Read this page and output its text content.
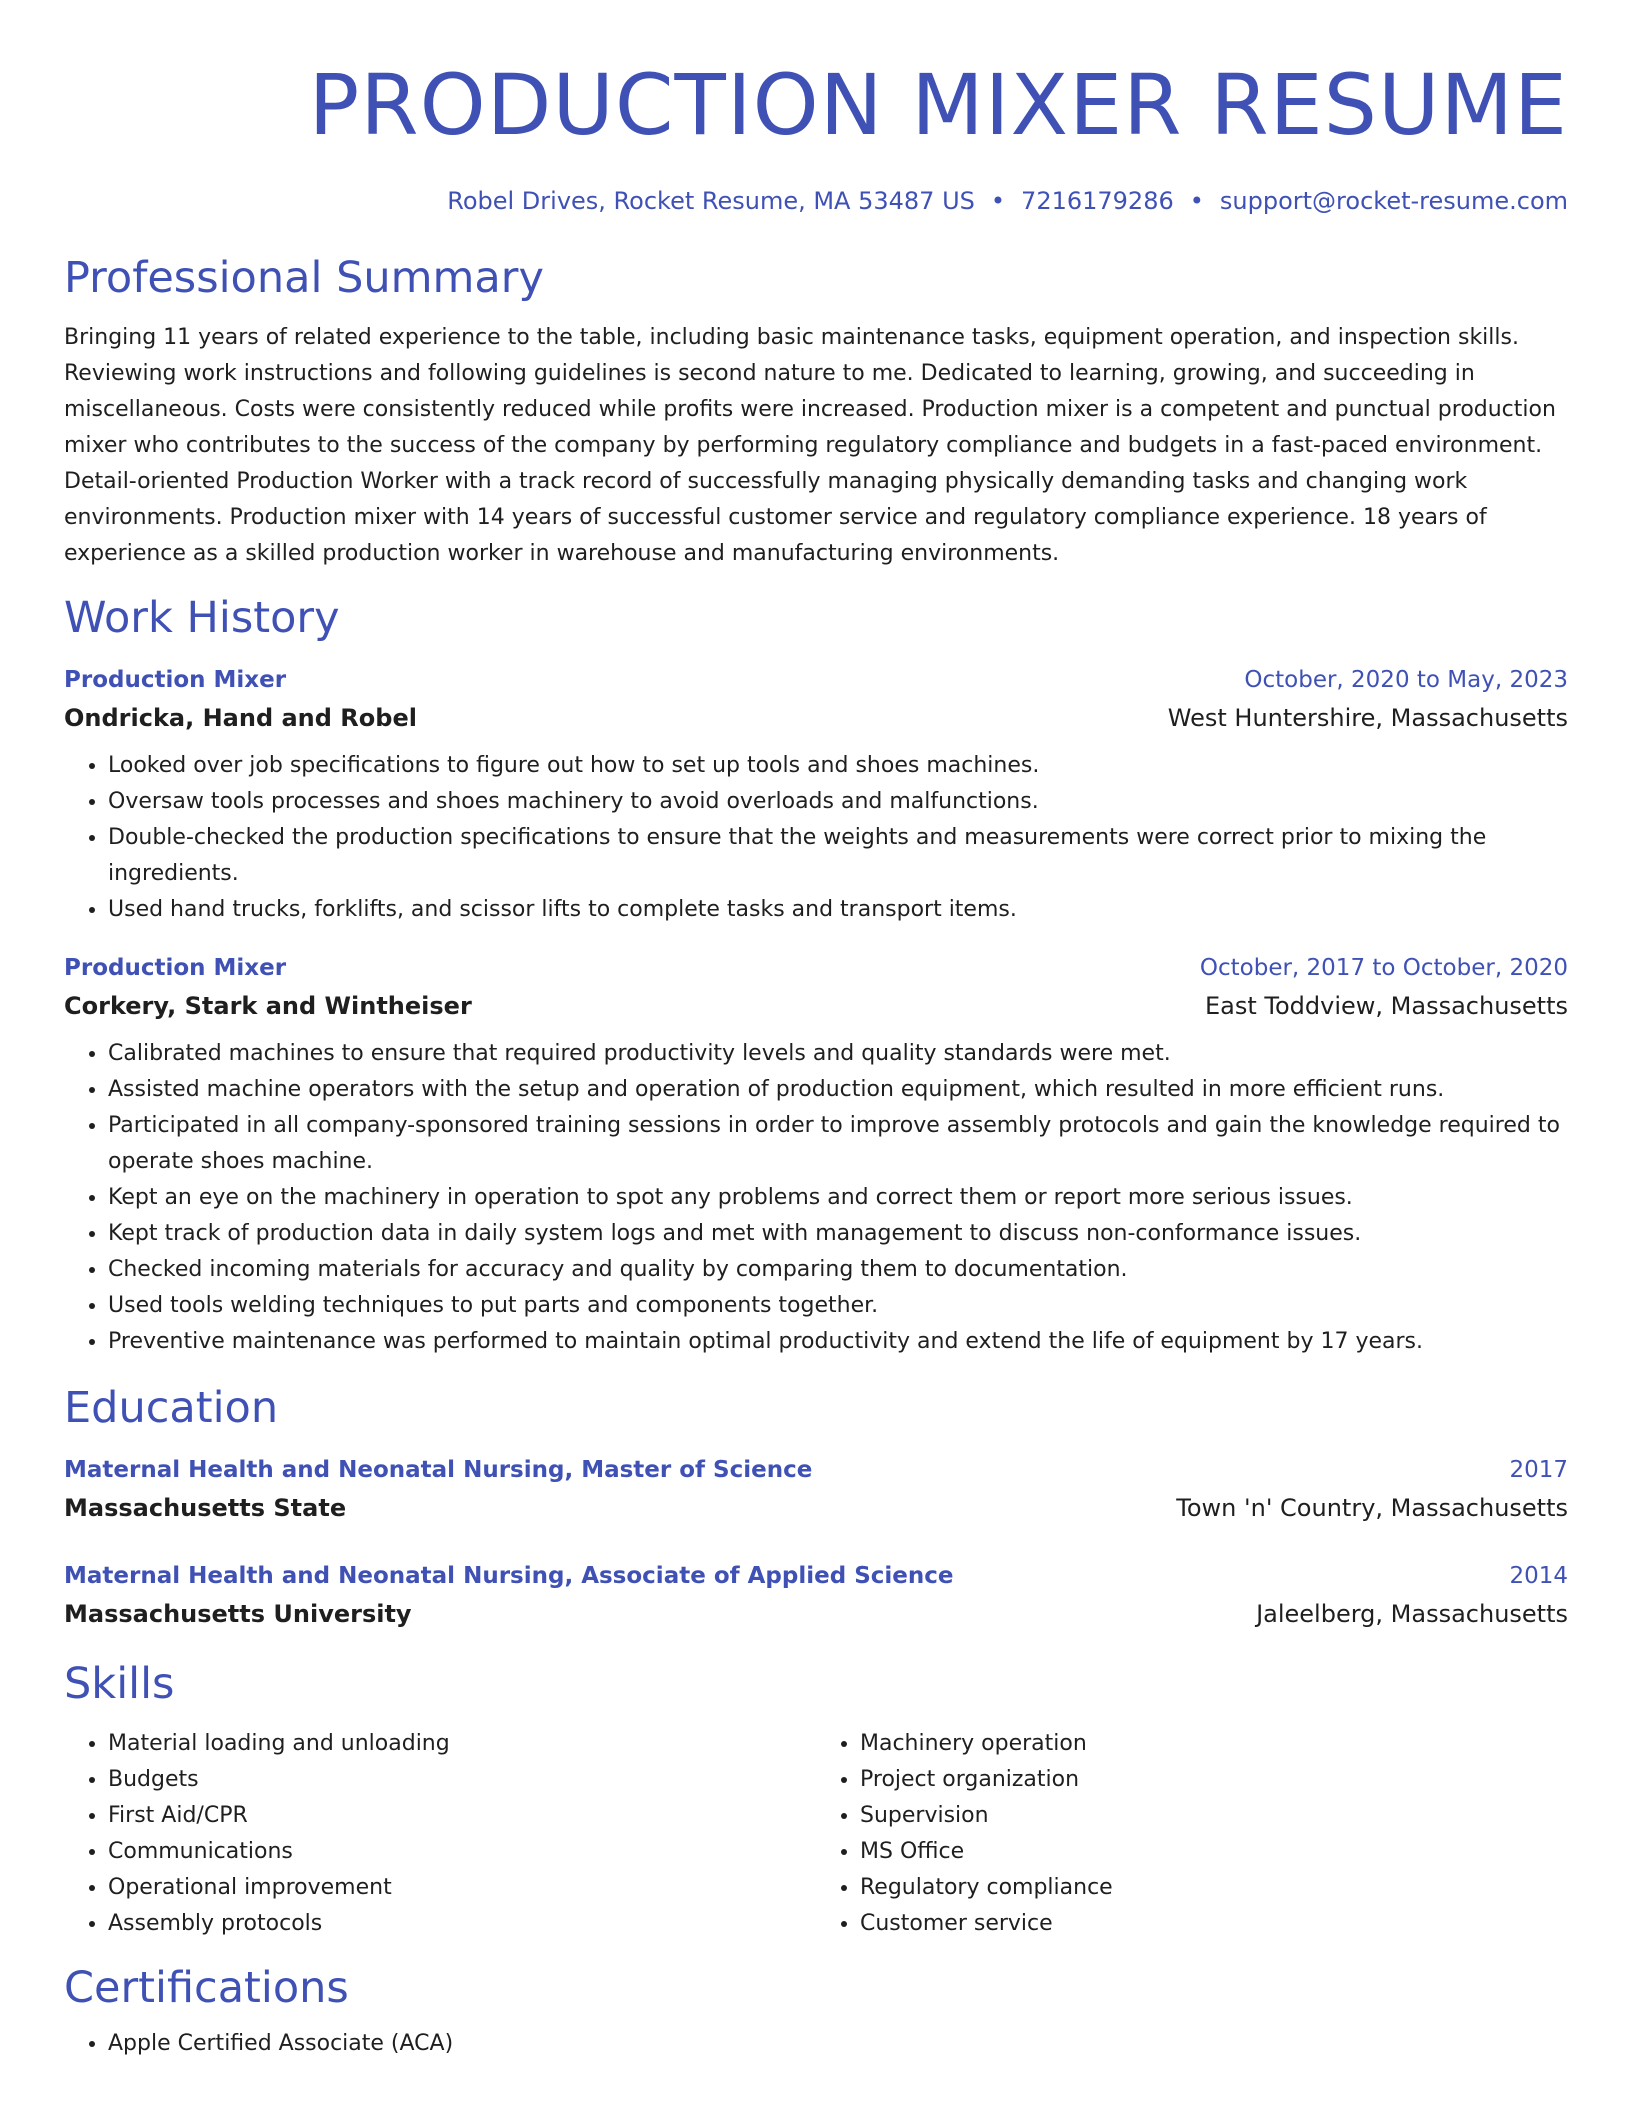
PRODUCTION MIXER RESUME
Robel Drives, Rocket Resume, MA 53487 US • 7216179286 • support@rocket-resume.com
Professional Summary

Bringing 11 years of related experience to the table, including basic maintenance tasks, equipment operation, and inspection skills. Reviewing work instructions and following guidelines is second nature to me. Dedicated to learning, growing, and succeeding in miscellaneous. Costs were consistently reduced while profits were increased. Production mixer is a competent and punctual production mixer who contributes to the success of the company by performing regulatory compliance and budgets in a fast-paced environment. Detail-oriented Production Worker with a track record of successfully managing physically demanding tasks and changing work environments. Production mixer with 14 years of successful customer service and regulatory compliance experience. 18 years of experience as a skilled production worker in warehouse and manufacturing environments.

Work History
Production Mixer	October, 2020 to May, 2023
Ondricka, Hand and Robel	West Huntershire, Massachusetts
• Looked over job specifications to figure out how to set up tools and shoes machines.
• Oversaw tools processes and shoes machinery to avoid overloads and malfunctions.
• Double-checked the production specifications to ensure that the weights and measurements were correct prior to mixing the ingredients.
• Used hand trucks, forklifts, and scissor lifts to complete tasks and transport items.
Production Mixer	October, 2017 to October, 2020
Corkery, Stark and Wintheiser	East Toddview, Massachusetts
• Calibrated machines to ensure that required productivity levels and quality standards were met.
• Assisted machine operators with the setup and operation of production equipment, which resulted in more efficient runs.
• Participated in all company-sponsored training sessions in order to improve assembly protocols and gain the knowledge required to operate shoes machine.
• Kept an eye on the machinery in operation to spot any problems and correct them or report more serious issues.
• Kept track of production data in daily system logs and met with management to discuss non-conformance issues.
• Checked incoming materials for accuracy and quality by comparing them to documentation.
• Used tools welding techniques to put parts and components together.
• Preventive maintenance was performed to maintain optimal productivity and extend the life of equipment by 17 years.
Education
Maternal Health and Neonatal Nursing, Master of Science	2017
Massachusetts State	Town 'n' Country, Massachusetts
Maternal Health and Neonatal Nursing, Associate of Applied Science	2014
Massachusetts University	Jaleelberg, Massachusetts
Skills
• Material loading and unloading
• Budgets
• First Aid/CPR
• Communications
• Operational improvement
• Assembly protocols
• Machinery operation
• Project organization
• Supervision
• MS Office
• Regulatory compliance
• Customer service
Certifications
• Apple Certified Associate (ACA)
